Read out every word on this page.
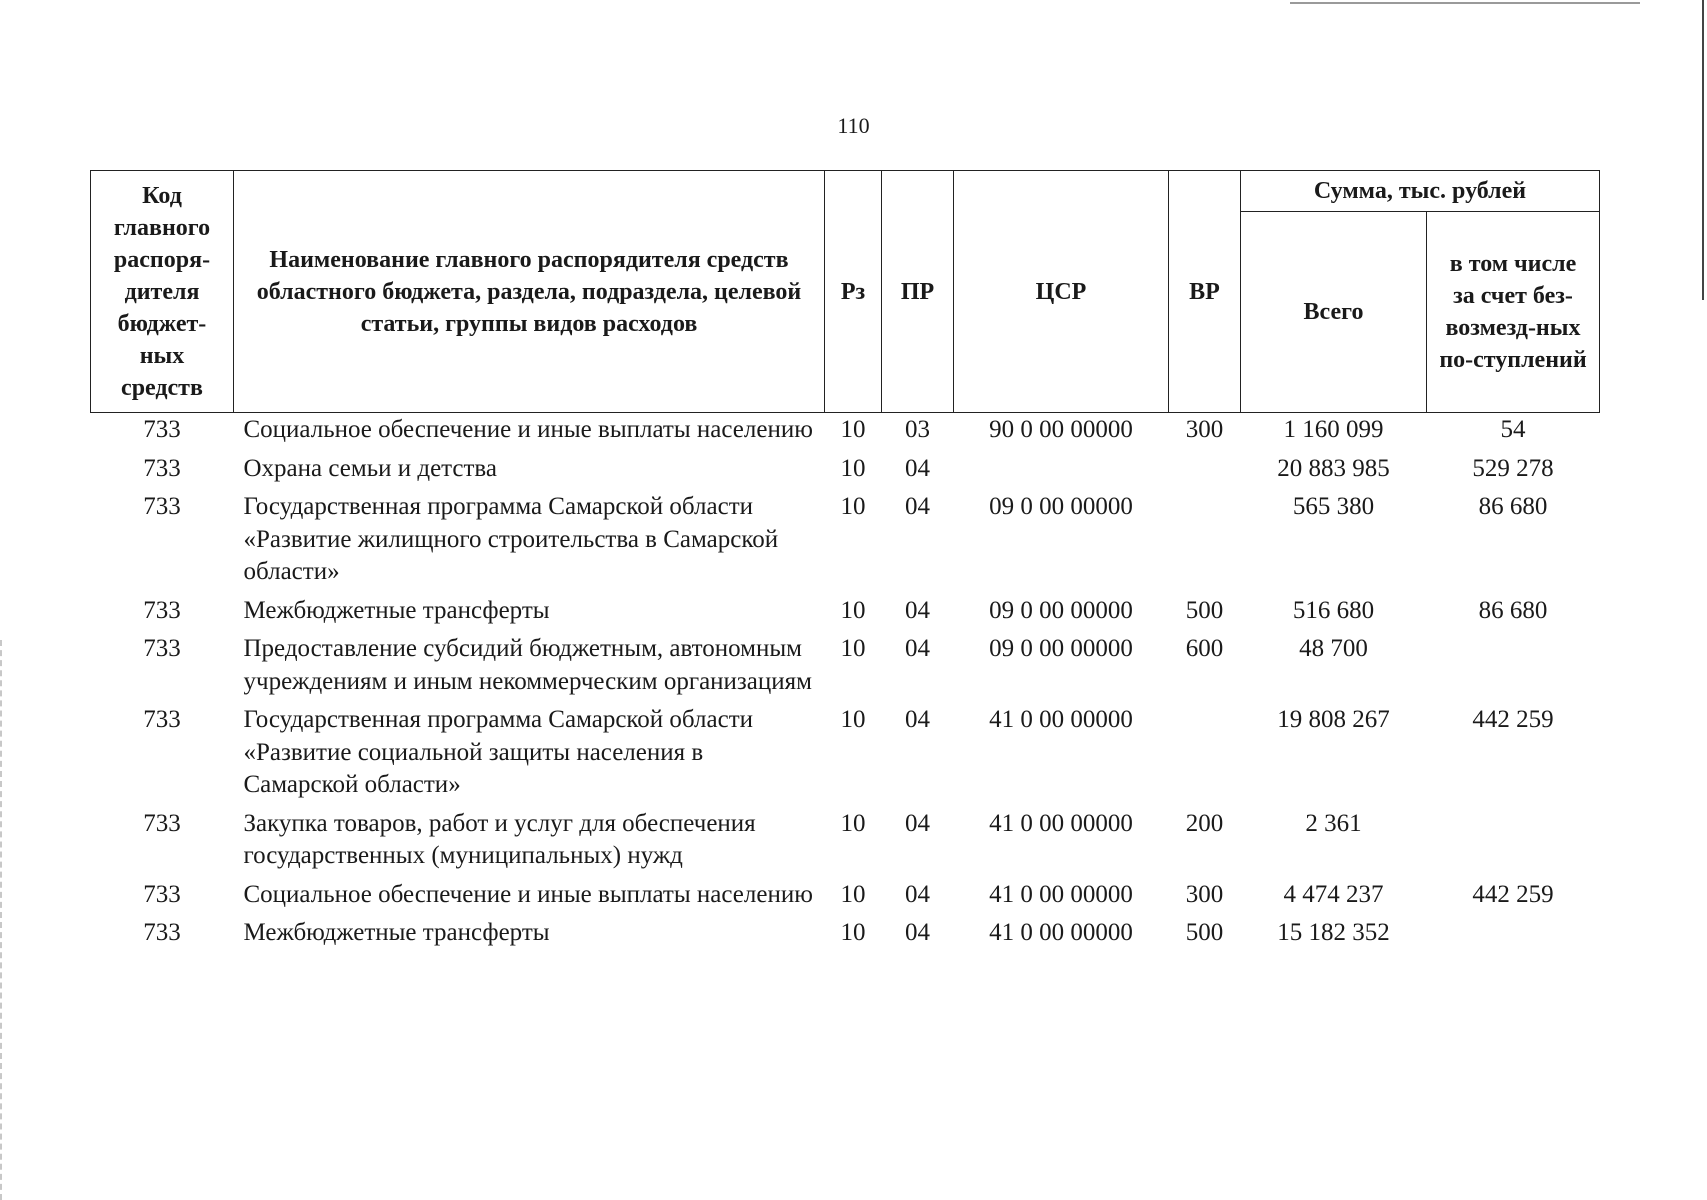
110
Код главного распоря-дителя бюджет-ных средств	Наименование главного распорядителя средств областного бюджета, раздела, подраздела, целевой статьи, группы видов расходов	Рз	ПР	ЦСР	ВР	Сумма, тыс. рублей	
						Всего	в том числе за счет без-возмезд-ных по-ступлений

733	Социальное обеспечение и иные выплаты населению	10	03	90 0 00 00000	300	1 160 099	54
733	Охрана семьи и детства	10	04			20 883 985	529 278
733	Государственная программа Самарской области «Развитие жилищного строительства в Самарской области»	10	04	09 0 00 00000		565 380	86 680
733	Межбюджетные трансферты	10	04	09 0 00 00000	500	516 680	86 680
733	Предоставление субсидий бюджетным, автономным учреждениям и иным некоммерческим организациям	10	04	09 0 00 00000	600	48 700	
733	Государственная программа Самарской области «Развитие социальной защиты населения в Самарской области»	10	04	41 0 00 00000		19 808 267	442 259
733	Закупка товаров, работ и услуг для обеспечения государственных (муниципальных) нужд	10	04	41 0 00 00000	200	2 361	
733	Социальное обеспечение и иные выплаты населению	10	04	41 0 00 00000	300	4 474 237	442 259
733	Межбюджетные трансферты	10	04	41 0 00 00000	500	15 182 352	
